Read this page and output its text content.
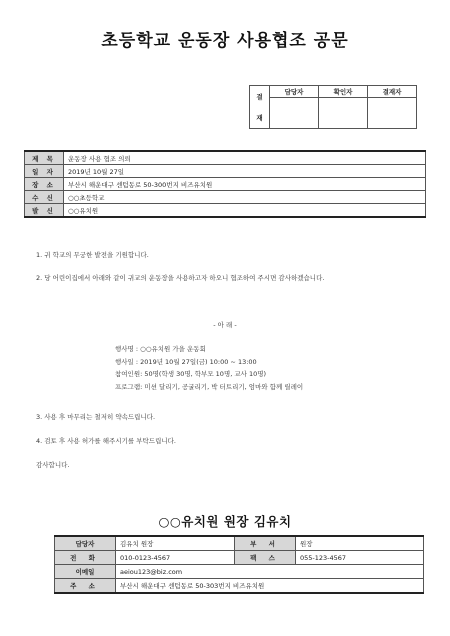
초등학교 운동장 사용협조 공문
결
재	담당자	확인자	결재자

제 목	운동장 사용 협조 의뢰
일 자	2019년 10월 27일
장 소	부산시 해운대구 센텀동로 50-300번지 비즈유치원
수 신	○○초등학교
발 신	○○유치원
1. 귀 학교의 무궁한 발전을 기원합니다.
2. 당 어린이집에서 아래와 같이 귀교의 운동장을 사용하고자 하오니 협조하여 주시면 감사하겠습니다.
- 아 래 -
행사명 : ○○유치원 가을 운동회
행사일 : 2019년 10월 27일(금) 10:00 ~ 13:00
참여인원: 50명(학생 30명, 학부모 10명, 교사 10명)
프로그램: 미션 달리기, 공굴리기, 박 터트리기, 엄마와 함께 릴레이
3. 사용 후 마무리는 철저히 약속드립니다.
4. 검토 후 사용 허가를 해주시기를 부탁드립니다.
감사합니다.
○○유치원 원장 김유치
담당자	김유치 원장	부 서	원장
전 화	010-0123-4567	팩 스	055-123-4567
이메일	aeiou123@biz.com		
주 소	부산시 해운대구 센텀동로 50-303번지 비즈유치원		
